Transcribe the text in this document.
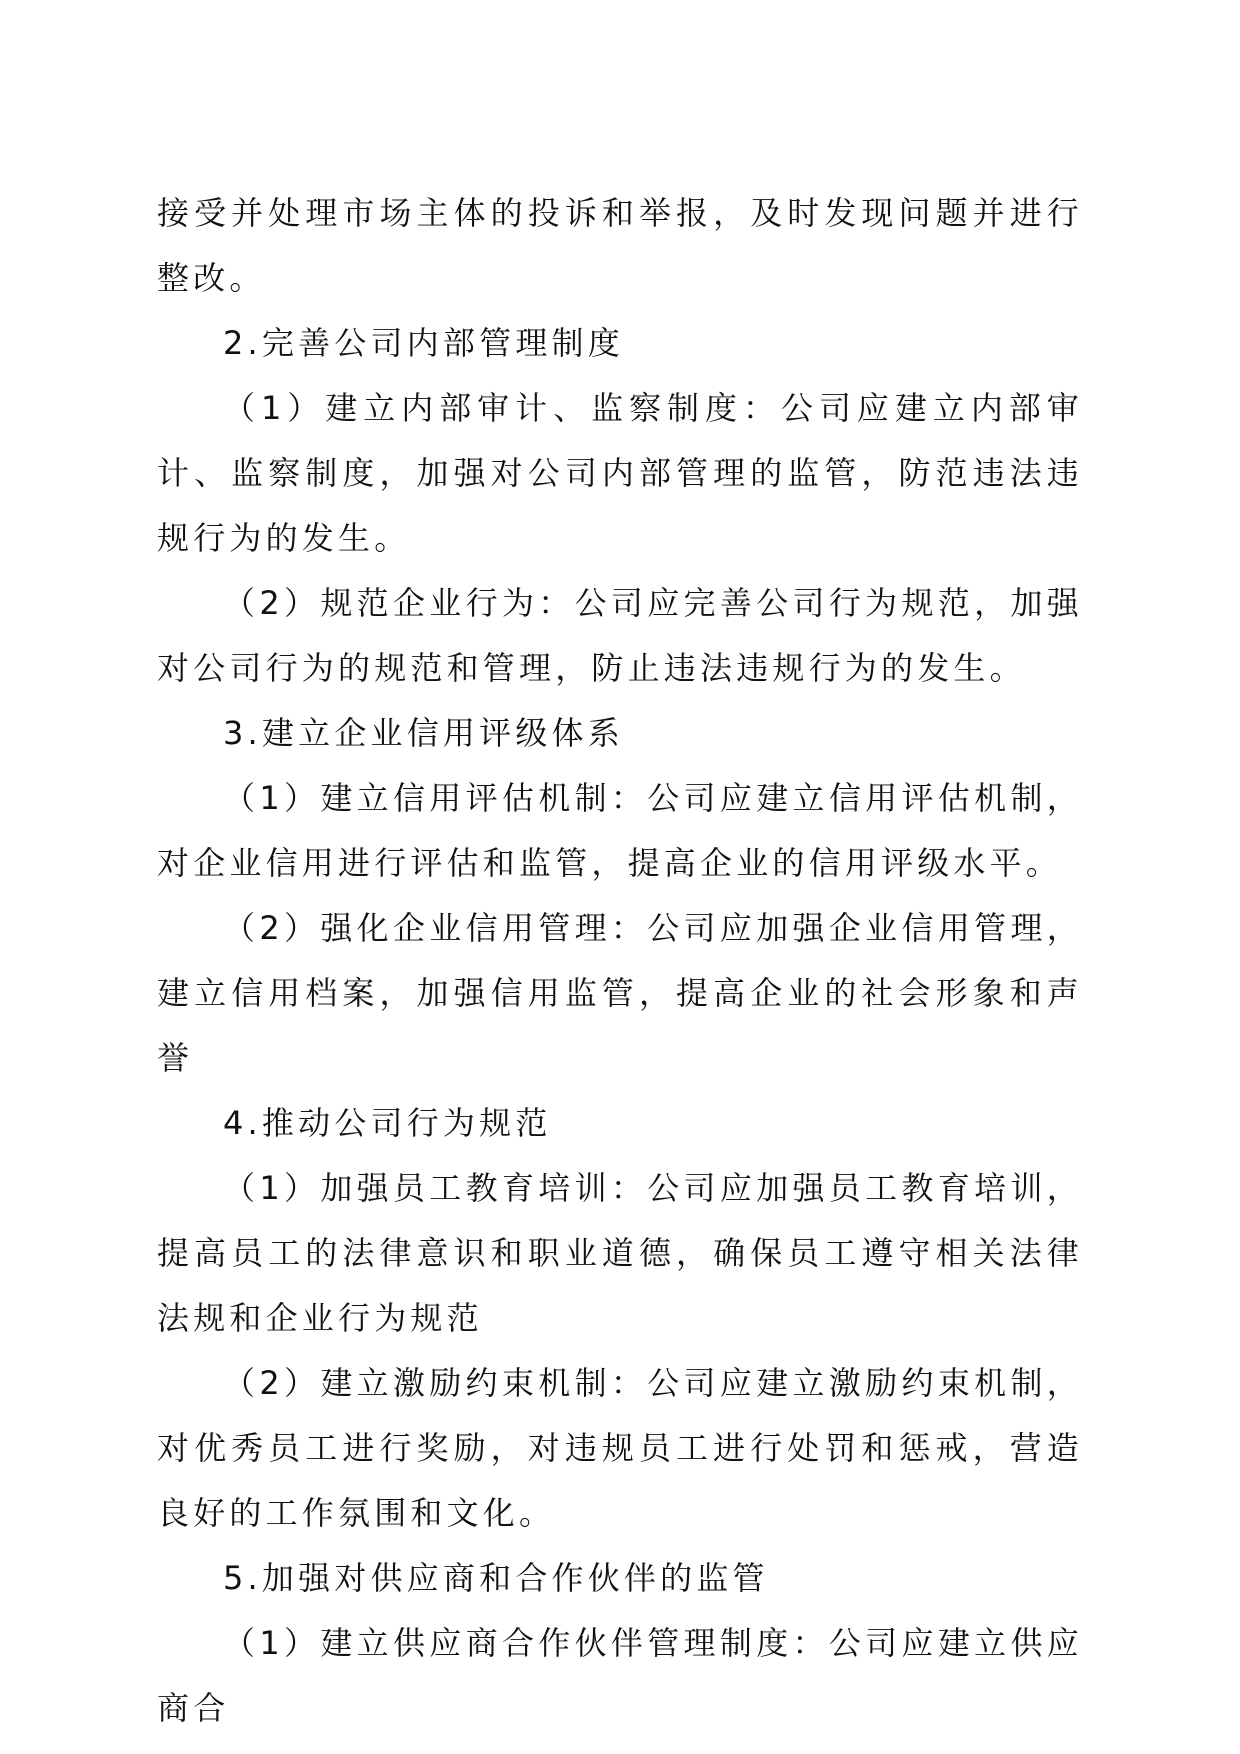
接受并处理市场主体的投诉和举报，及时发现问题并进行整改。

2.完善公司内部管理制度

（1）建立内部审计、监察制度：公司应建立内部审计、监察制度，加强对公司内部管理的监管，防范违法违规行为的发生。

（2）规范企业行为：公司应完善公司行为规范，加强对公司行为的规范和管理，防止违法违规行为的发生。

3.建立企业信用评级体系

（1）建立信用评估机制：公司应建立信用评估机制，对企业信用进行评估和监管，提高企业的信用评级水平。

（2）强化企业信用管理：公司应加强企业信用管理，建立信用档案，加强信用监管，提高企业的社会形象和声誉

4.推动公司行为规范

（1）加强员工教育培训：公司应加强员工教育培训，提高员工的法律意识和职业道德，确保员工遵守相关法律法规和企业行为规范

（2）建立激励约束机制：公司应建立激励约束机制，对优秀员工进行奖励，对违规员工进行处罚和惩戒，营造良好的工作氛围和文化。

5.加强对供应商和合作伙伴的监管

（1）建立供应商合作伙伴管理制度：公司应建立供应商合
